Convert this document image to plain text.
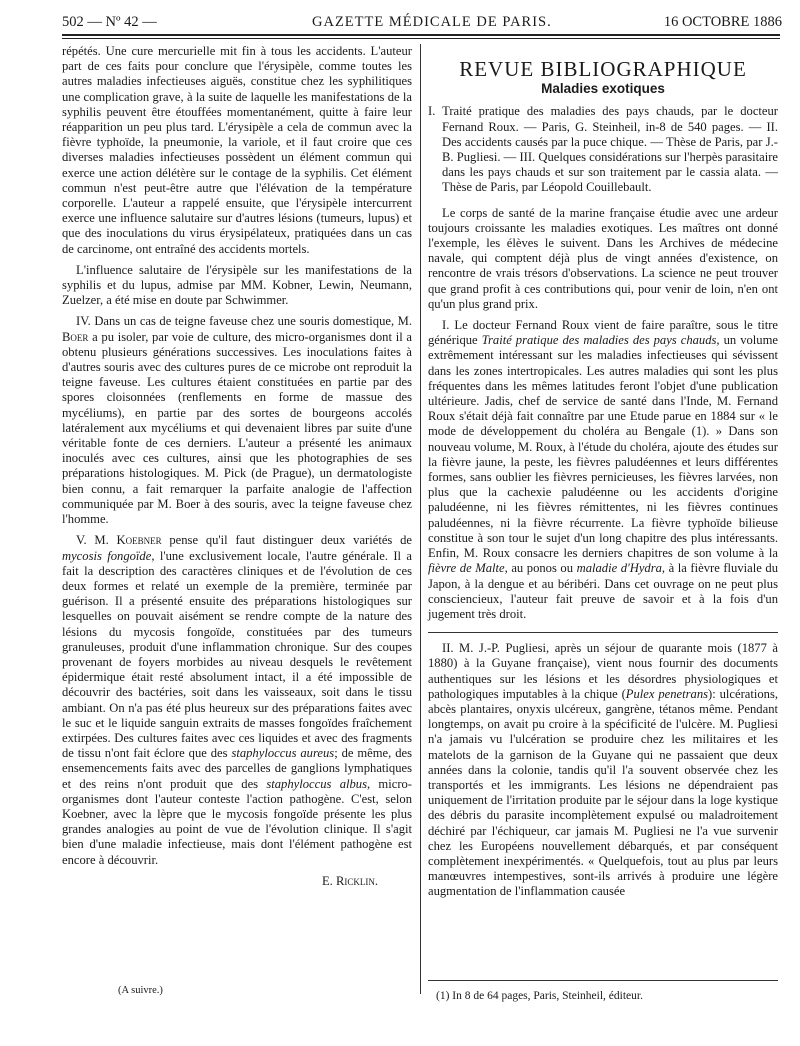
502 — Nº 42 —	GAZETTE MÉDICALE DE PARIS.	16 OCTOBRE 1886

répétés. Une cure mercurielle mit fin à tous les accidents. L'auteur part de ces faits pour conclure que l'érysipèle, comme toutes les autres maladies infectieuses aiguës, constitue chez les syphilitiques une complication grave, à la suite de laquelle les manifestations de la syphilis peuvent être étouffées momentanément, quitte à faire leur réapparition un peu plus tard. L'érysipèle a cela de commun avec la fièvre typhoïde, la pneumonie, la variole, et il faut croire que ces diverses maladies infectieuses possèdent un élément commun qui exerce une action délétère sur le contage de la syphilis. Cet élément commun n'est peut-être autre que l'élévation de la température corporelle. L'auteur a rappelé ensuite, que l'érysipèle intercurrent exerce une influence salutaire sur d'autres lésions (tumeurs, lupus) et que des inoculations du virus érysipélateux, pratiquées dans un cas de carcinome, ont entraîné des accidents mortels.

L'influence salutaire de l'érysipèle sur les manifestations de la syphilis et du lupus, admise par MM. Kobner, Lewin, Neumann, Zuelzer, a été mise en doute par Schwimmer.

IV. Dans un cas de teigne faveuse chez une souris domestique, M. Boer a pu isoler, par voie de culture, des micro-organismes dont il a obtenu plusieurs générations successives. Les inoculations faites à d'autres souris avec des cultures pures de ce microbe ont reproduit la teigne faveuse. Les cultures étaient constituées en partie par des spores cloisonnées (renflements en forme de massue des mycéliums), en partie par des sortes de bourgeons accolés latéralement aux mycéliums et qui devenaient libres par suite d'une véritable fonte de ces derniers. L'auteur a présenté les animaux inoculés avec ces cultures, ainsi que les photographies de ses préparations histologiques. M. Pick (de Prague), un dermatologiste bien connu, a fait remarquer la parfaite analogie de l'affection communiquée par M. Boer à des souris, avec la teigne faveuse chez l'homme.

V. M. Koebner pense qu'il faut distinguer deux variétés de mycosis fongoïde, l'une exclusivement locale, l'autre générale. Il a fait la description des caractères cliniques et de l'évolution de ces deux formes et relaté un exemple de la première, terminée par guérison. Il a présenté ensuite des préparations histologiques sur lesquelles on pouvait aisément se rendre compte de la nature des lésions du mycosis fongoïde, constituées par des tumeurs granuleuses, produit d'une inflammation chronique. Sur des coupes provenant de foyers morbides au niveau desquels le revêtement épidermique était resté absolument intact, il a été impossible de découvrir des bactéries, soit dans les vaisseaux, soit dans le tissu ambiant. On n'a pas été plus heureux sur des préparations faites avec le suc et le liquide sanguin extraits de masses fongoïdes fraîchement extirpées. Des cultures faites avec ces liquides et avec des fragments de tissu n'ont fait éclore que des staphyloccus aureus; de même, des ensemencements faits avec des parcelles de ganglions lymphatiques et des reins n'ont produit que des staphyloccus albus, micro-organismes dont l'auteur conteste l'action pathogène. C'est, selon Koebner, avec la lèpre que le mycosis fongoïde présente les plus grandes analogies au point de vue de l'évolution clinique. Il s'agit bien d'une maladie infectieuse, mais dont l'élément pathogène est encore à découvrir.

E. Ricklin.
(A suivre.)
REVUE BIBLIOGRAPHIQUE
Maladies exotiques

I. Traité pratique des maladies des pays chauds, par le docteur Fernand Roux. — Paris, G. Steinheil, in-8 de 540 pages. — II. Des accidents causés par la puce chique. — Thèse de Paris, par J.-B. Pugliesi. — III. Quelques considérations sur l'herpès parasitaire dans les pays chauds et sur son traitement par le cassia alata. — Thèse de Paris, par Léopold Couillebault.

Le corps de santé de la marine française étudie avec une ardeur toujours croissante les maladies exotiques. Les maîtres ont donné l'exemple, les élèves le suivent. Dans les Archives de médecine navale, qui comptent déjà plus de vingt années d'existence, on rencontre de vrais trésors d'observations. La science ne peut trouver que grand profit à ces contributions qui, pour venir de loin, n'en ont qu'un plus grand prix.

I. Le docteur Fernand Roux vient de faire paraître, sous le titre générique Traité pratique des maladies des pays chauds, un volume extrêmement intéressant sur les maladies infectieuses qui sévissent dans les zones intertropicales. Les autres maladies qui sont les plus fréquentes dans les mêmes latitudes feront l'objet d'une publication ultérieure. Jadis, chef de service de santé dans l'Inde, M. Fernand Roux s'était déjà fait connaître par une Etude parue en 1884 sur « le mode de développement du choléra au Bengale (1). » Dans son nouveau volume, M. Roux, à l'étude du choléra, ajoute des études sur la fièvre jaune, la peste, les fièvres paludéennes et leurs différentes formes, sans oublier les fièvres pernicieuses, les fièvres larvées, non plus que la cachexie paludéenne ou les accidents d'origine paludéenne, ni les fièvres rémittentes, ni les fièvres continues paludéennes, ni la fièvre récurrente. La fièvre typhoïde bilieuse constitue à son tour le sujet d'un long chapitre des plus intéressants. Enfin, M. Roux consacre les derniers chapitres de son volume à la fièvre de Malte, au ponos ou maladie d'Hydra, à la fièvre fluviale du Japon, à la dengue et au béribéri. Dans cet ouvrage on ne peut plus consciencieux, l'auteur fait preuve de savoir et à la fois d'un jugement très droit.

II. M. J.-P. Pugliesi, après un séjour de quarante mois (1877 à 1880) à la Guyane française), vient nous fournir des documents authentiques sur les lésions et les désordres physiologiques et pathologiques imputables à la chique (Pulex penetrans): ulcérations, abcès plantaires, onyxis ulcéreux, gangrène, tétanos même. Pendant longtemps, on avait pu croire à la spécificité de l'ulcère. M. Pugliesi n'a jamais vu l'ulcération se produire chez les militaires et les matelots de la garnison de la Guyane qui ne passaient que deux années dans la colonie, tandis qu'il l'a souvent observée chez les transportés et les immigrants. Les lésions ne dépendraient pas uniquement de l'irritation produite par le séjour dans la loge kystique des débris du parasite incomplètement expulsé ou maladroitement déchiré par l'échiqueur, car jamais M. Pugliesi ne l'a vue survenir chez les Européens nouvellement débarqués, et par conséquent complètement inexpérimentés. « Quelquefois, tout au plus par leurs manœuvres intempestives, sont-ils arrivés à produire une légère augmentation de l'inflammation causée

(1) In 8 de 64 pages, Paris, Steinheil, éditeur.
